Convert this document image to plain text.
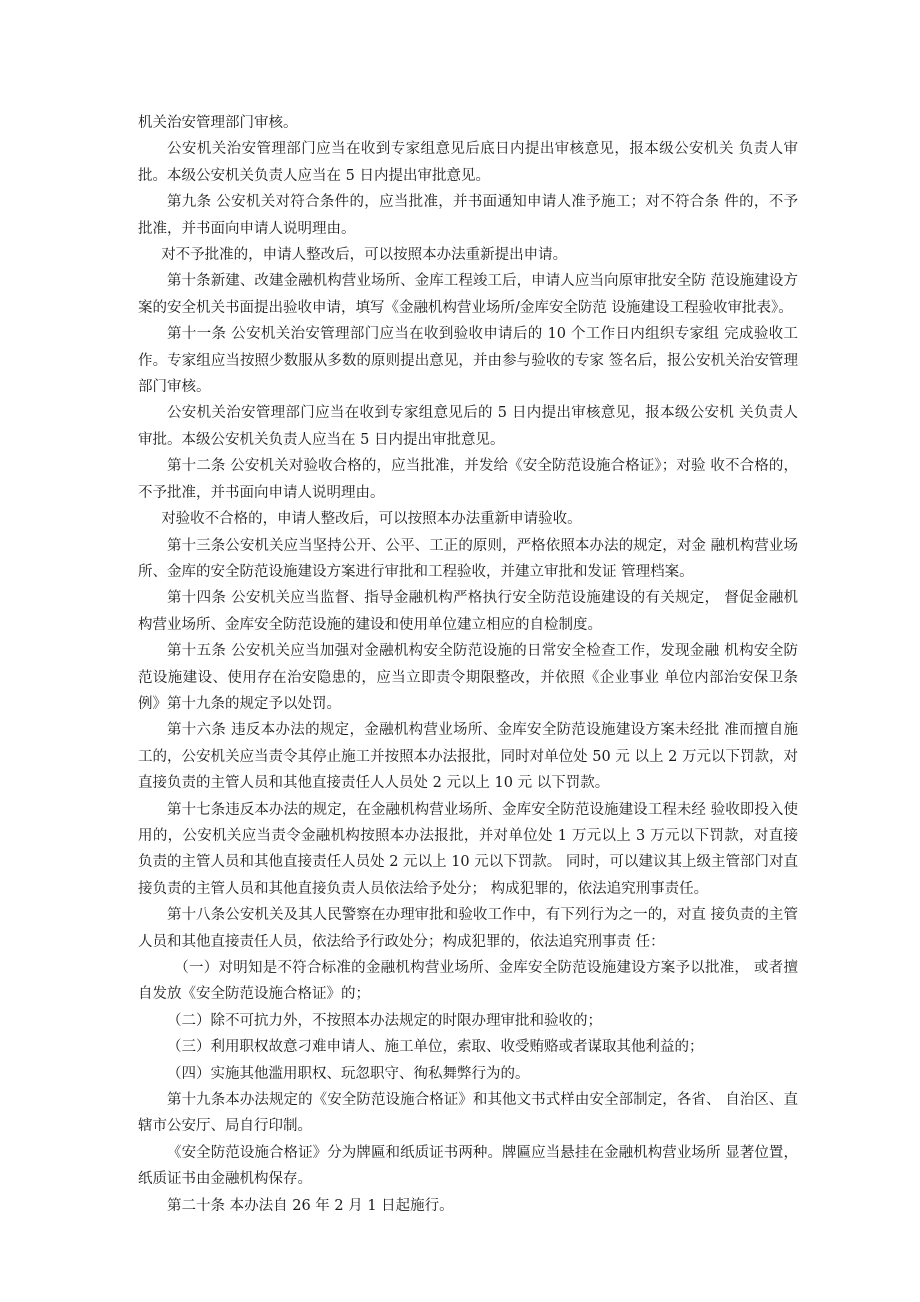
机关治安管理部门审核。

公安机关治安管理部门应当在收到专家组意见后底日内提出审核意见，报本级公安机关 负责人审批。本级公安机关负责人应当在 5 日内提出审批意见。

第九条 公安机关对符合条件的，应当批准，并书面通知申请人准予施工；对不符合条 件的，不予批准，并书面向申请人说明理由。

对不予批准的，申请人整改后，可以按照本办法重新提出申请。

第十条新建、改建金融机构营业场所、金库工程竣工后，申请人应当向原审批安全防 范设施建设方案的安全机关书面提出验收申请，填写《金融机构营业场所/金库安全防范 设施建设工程验收审批表》。

第十一条 公安机关治安管理部门应当在收到验收申请后的 10 个工作日内组织专家组 完成验收工作。专家组应当按照少数服从多数的原则提出意见，并由参与验收的专家 签名后，报公安机关治安管理部门审核。

公安机关治安管理部门应当在收到专家组意见后的 5 日内提出审核意见，报本级公安机 关负责人审批。本级公安机关负责人应当在 5 日内提出审批意见。

第十二条 公安机关对验收合格的，应当批准，并发给《安全防范设施合格证》；对验 收不合格的，不予批准，并书面向申请人说明理由。

对验收不合格的，申请人整改后，可以按照本办法重新申请验收。

第十三条公安机关应当坚持公开、公平、工正的原则，严格依照本办法的规定，对金 融机构营业场所、金库的安全防范设施建设方案进行审批和工程验收，并建立审批和发证 管理档案。

第十四条 公安机关应当监督、指导金融机构严格执行安全防范设施建设的有关规定， 督促金融机构营业场所、金库安全防范设施的建设和使用单位建立相应的自检制度。

第十五条 公安机关应当加强对金融机构安全防范设施的日常安全检查工作，发现金融 机构安全防范设施建设、使用存在治安隐患的，应当立即责令期限整改，并依照《企业事业 单位内部治安保卫条例》第十九条的规定予以处罚。

第十六条 违反本办法的规定，金融机构营业场所、金库安全防范设施建设方案未经批 准而擅自施工的，公安机关应当责令其停止施工并按照本办法报批，同时对单位处 50 元 以上 2 万元以下罚款，对直接负责的主管人员和其他直接责任人人员处 2 元以上 10 元 以下罚款。

第十七条违反本办法的规定，在金融机构营业场所、金库安全防范设施建设工程未经 验收即投入使用的，公安机关应当责令金融机构按照本办法报批，并对单位处 1 万元以上 3 万元以下罚款，对直接负责的主管人员和其他直接责任人员处 2 元以上 10 元以下罚款。 同时，可以建议其上级主管部门对直接负责的主管人员和其他直接负责人员依法给予处分； 构成犯罪的，依法追究刑事责任。

第十八条公安机关及其人民警察在办理审批和验收工作中，有下列行为之一的，对直 接负责的主管人员和其他直接责任人员，依法给予行政处分；构成犯罪的，依法追究刑事责 任：

（一）对明知是不符合标准的金融机构营业场所、金库安全防范设施建设方案予以批准， 或者擅自发放《安全防范设施合格证》的；

（二）除不可抗力外，不按照本办法规定的时限办理审批和验收的；

（三）利用职权故意刁难申请人、施工单位，索取、收受贿赂或者谋取其他利益的；

（四）实施其他滥用职权、玩忽职守、徇私舞弊行为的。

第十九条本办法规定的《安全防范设施合格证》和其他文书式样由安全部制定，各省、 自治区、直辖市公安厅、局自行印制。

《安全防范设施合格证》分为牌匾和纸质证书两种。牌匾应当悬挂在金融机构营业场所 显著位置，纸质证书由金融机构保存。

第二十条 本办法自 26 年 2 月 1 日起施行。
